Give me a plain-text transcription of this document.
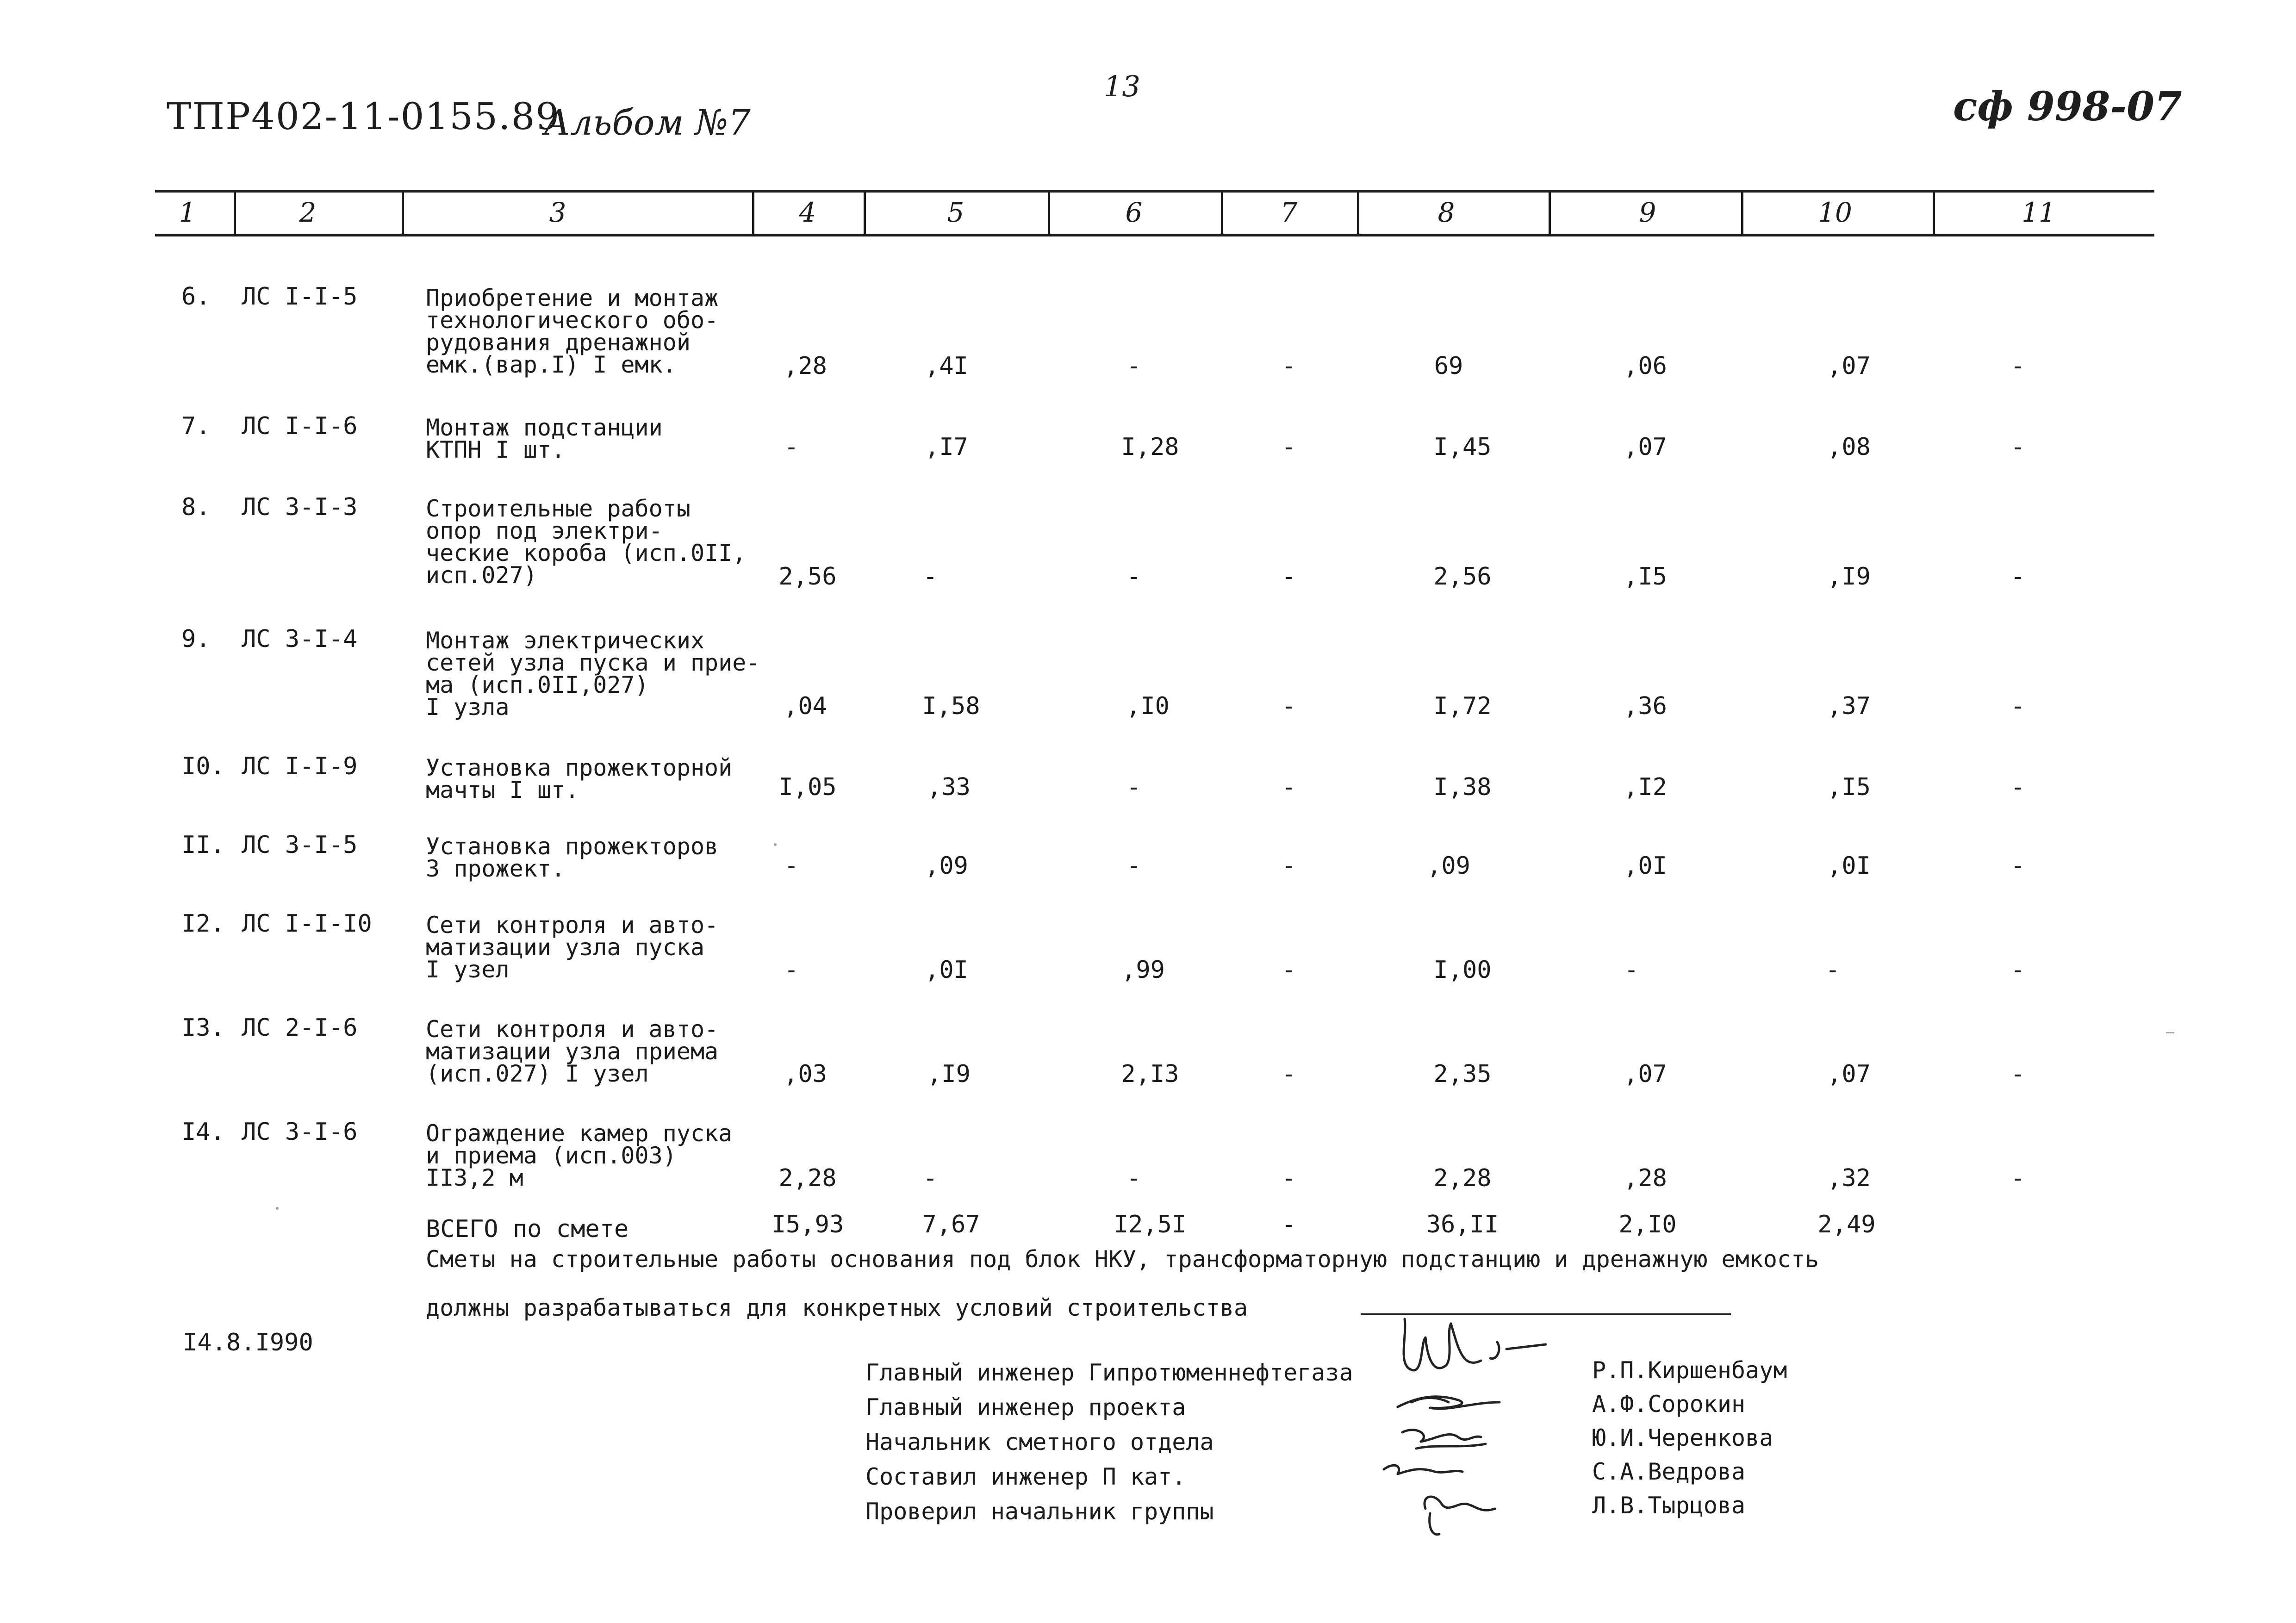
ТПР402-11-0155.89
Альбом №7
13	сф 998-07
1	2	3	4	5	6	7	8	9	10	11
6. ЛС I-I-5	Приобретение и монтаж
технологического обо-
рудования дренажной
емк.(вар.I) I емк.	,28	,4I	-	-	69	,06	,07	-
7. ЛС I-I-6	Монтаж подстанции
КТПН I шт.	-	,I7	I,28	-	I,45	,07	,08	-
8. ЛС 3-I-3	Строительные работы
опор под электри-
ческие короба (исп.0II,
исп.027)	2,56	-	-	-	2,56	,I5	,I9	-
9. ЛС 3-I-4	Монтаж электрических
сетей узла пуска и прие-
ма (исп.0II,027)
I узла	,04	I,58	,I0	-	I,72	,36	,37	-
I0. ЛС I-I-9	Установка прожекторной
мачты I шт.	I,05	,33	-	-	I,38	,I2	,I5	-
II. ЛС 3-I-5	Установка прожекторов
3 прожект.	-	,09	-	-	,09	,0I	,0I	-
I2. ЛС I-I-I0 Сети контроля и авто-
матизации узла пуска
I узел	-	,0I	,99	-	I,00	-	-	-
I3. ЛС 2-I-6	Сети контроля и авто-
матизации узла приема
(исп.027) I узел	,03	,I9	2,I3	-	2,35	,07	,07	-
I4. ЛС 3-I-6	Ограждение камер пуска
и приема (исп.003)
II3,2 м	2,28	-	-	-	2,28	,28	,32	-
ВСЕГО по смете	I5,93	7,67	I2,5I	-	36,II	2,I0	2,49
Сметы на строительные работы основания под блок НКУ, трансформаторную подстанцию и дренажную емкость
должны разрабатываться для конкретных условий строительства
I4.8.I990
Главный инженер Гипротюменнефтегаза
Главный инженер проекта
Начальник сметного отдела
Составил инженер П кат.
Проверил начальник группы
Р.П.Киршенбаум
А.Ф.Сорокин
Ю.И.Черенкова
С.А.Ведрова
Л.В.Тырцова
